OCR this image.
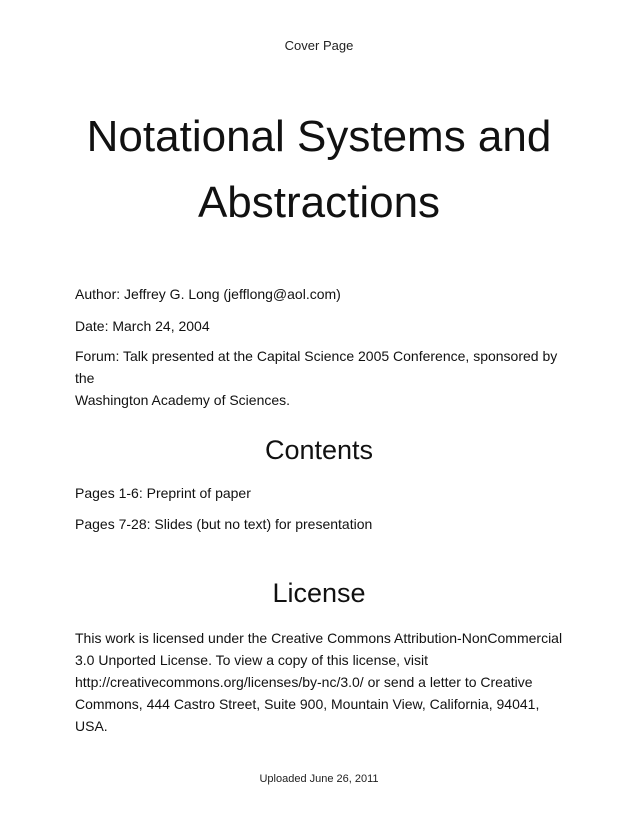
Cover Page
Notational Systems and
Abstractions

Author: Jeffrey G. Long (jefflong@aol.com)

Date: March 24, 2004

Forum: Talk presented at the Capital Science 2005 Conference, sponsored by the
Washington Academy of Sciences.

Contents

Pages 1-6: Preprint of paper

Pages 7-28: Slides (but no text) for presentation

License

This work is licensed under the Creative Commons Attribution-NonCommercial
3.0 Unported License. To view a copy of this license, visit
http://creativecommons.org/licenses/by-nc/3.0/ or send a letter to Creative
Commons, 444 Castro Street, Suite 900, Mountain View, California, 94041, USA.

Uploaded June 26, 2011
